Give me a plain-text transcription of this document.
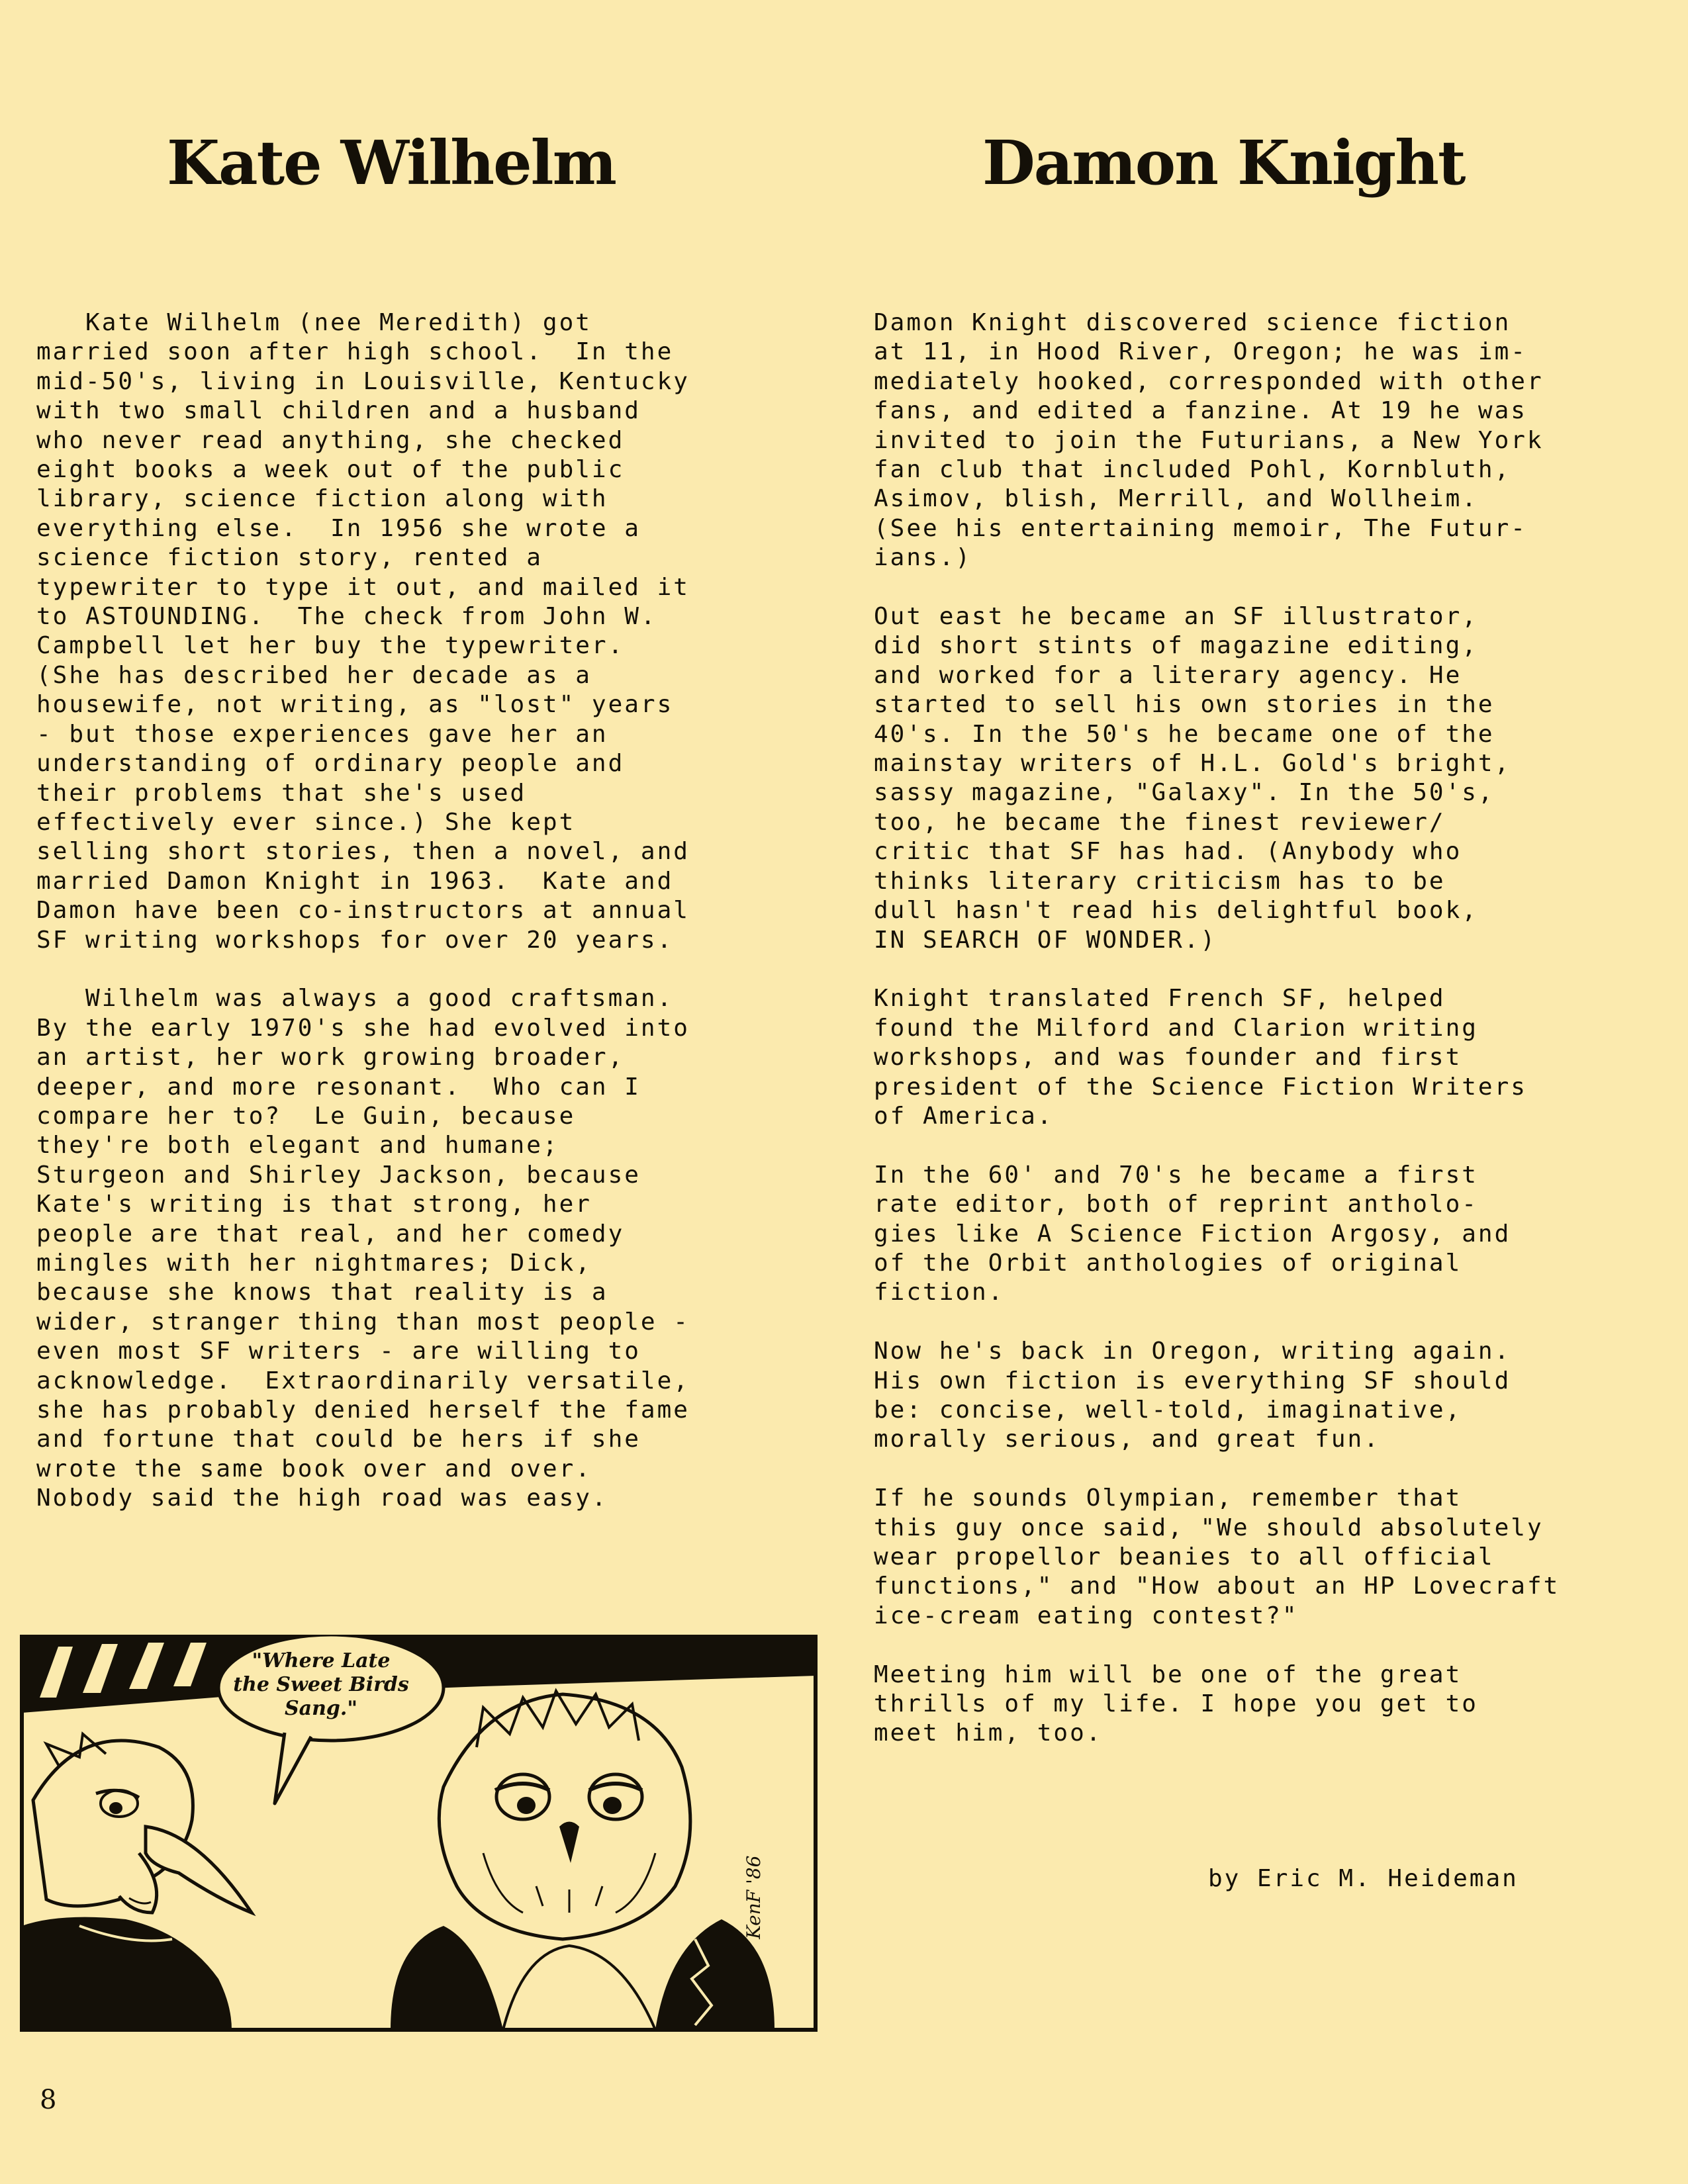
Kate Wilhelm	Damon Knight

Kate Wilhelm (nee Meredith) got
married soon after high school.  In the
mid-50's, living in Louisville, Kentucky
with two small children and a husband
who never read anything, she checked
eight books a week out of the public
library, science fiction along with
everything else.  In 1956 she wrote a
science fiction story, rented a
typewriter to type it out, and mailed it
to ASTOUNDING.  The check from John W.
Campbell let her buy the typewriter.
(She has described her decade as a
housewife, not writing, as "lost" years
- but those experiences gave her an
understanding of ordinary people and
their problems that she's used
effectively ever since.) She kept
selling short stories, then a novel, and
married Damon Knight in 1963.  Kate and
Damon have been co-instructors at annual
SF writing workshops for over 20 years.

Wilhelm was always a good craftsman.
By the early 1970's she had evolved into
an artist, her work growing broader,
deeper, and more resonant.  Who can I
compare her to?  Le Guin, because
they're both elegant and humane;
Sturgeon and Shirley Jackson, because
Kate's writing is that strong, her
people are that real, and her comedy
mingles with her nightmares; Dick,
because she knows that reality is a
wider, stranger thing than most people -
even most SF writers - are willing to
acknowledge.  Extraordinarily versatile,
she has probably denied herself the fame
and fortune that could be hers if she
wrote the same book over and over.
Nobody said the high road was easy.

Damon Knight discovered science fiction
at 11, in Hood River, Oregon; he was im-
mediately hooked, corresponded with other
fans, and edited a fanzine. At 19 he was
invited to join the Futurians, a New York
fan club that included Pohl, Kornbluth,
Asimov, blish, Merrill, and Wollheim.
(See his entertaining memoir, The Futur-
ians.)

Out east he became an SF illustrator,
did short stints of magazine editing,
and worked for a literary agency. He
started to sell his own stories in the
40's. In the 50's he became one of the
mainstay writers of H.L. Gold's bright,
sassy magazine, "Galaxy". In the 50's,
too, he became the finest reviewer/
critic that SF has had. (Anybody who
thinks literary criticism has to be
dull hasn't read his delightful book,
IN SEARCH OF WONDER.)

Knight translated French SF, helped
found the Milford and Clarion writing
workshops, and was founder and first
president of the Science Fiction Writers
of America.

In the 60' and 70's he became a first
rate editor, both of reprint antholo-
gies like A Science Fiction Argosy, and
of the Orbit anthologies of original
fiction.

Now he's back in Oregon, writing again.
His own fiction is everything SF should
be: concise, well-told, imaginative,
morally serious, and great fun.

If he sounds Olympian, remember that
this guy once said, "We should absolutely
wear propellor beanies to all official
functions," and "How about an HP Lovecraft
ice-cream eating contest?"

Meeting him will be one of the great
thrills of my life. I hope you get to
meet him, too.

by Eric M. Heideman
"Where Late
the Sweet Birds
Sang."
KenF '86
8
